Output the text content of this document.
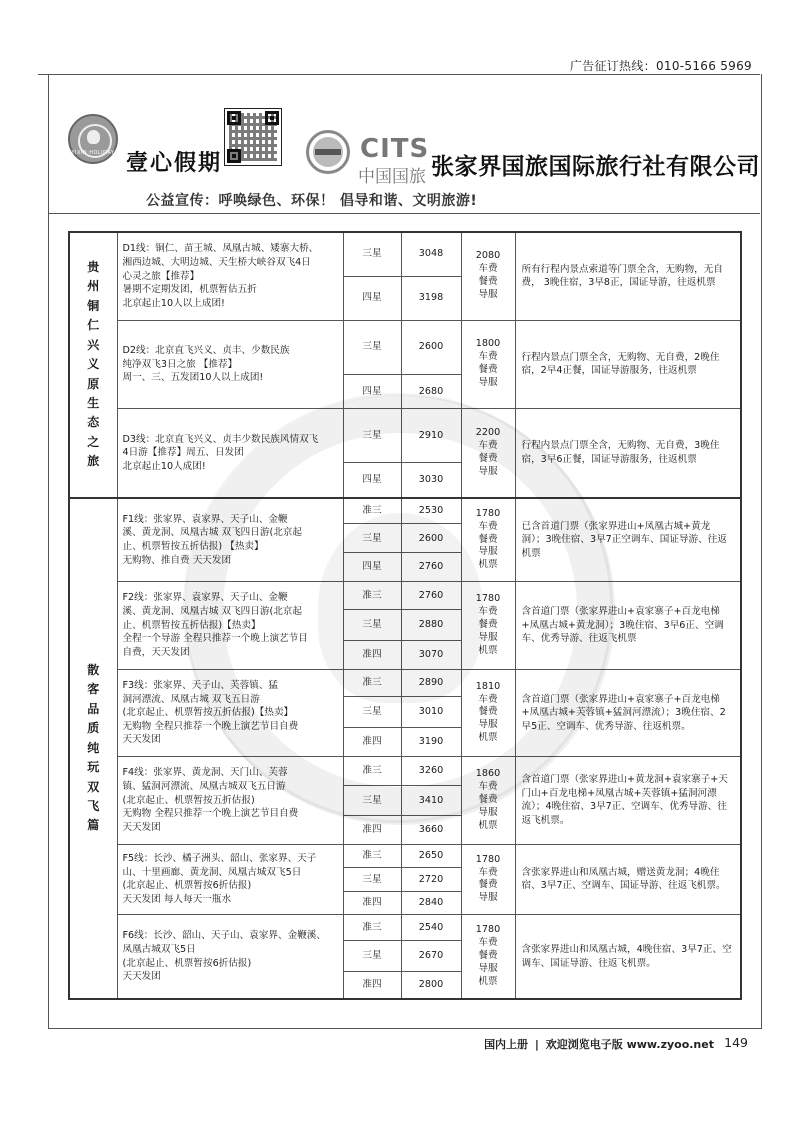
广告征订热线：010-5166 5969
YIXIN HOLIDAY 壹心假期	CITS
中国国旅 张家界国旅国际旅行社有限公司
公益宣传：呼唤绿色、环保！ 倡导和谐、文明旅游!
贵州铜仁兴义原生态之旅	D1线：铜仁、苗王城、凤凰古城、矮寨大桥、
湘西边城、大明边城、天生桥大峡谷双飞4日
心灵之旅【推荐】
暑期不定期发团，机票暂估五折
北京起止10人以上成团!	三星	3048	2080
车费
餐费
导服	所有行程内景点索道等门票全含，无购物，无自费， 3晚住宿，3早8正，国证导游，往返机票
		四星	3198		

	D2线：北京直飞兴义、贞丰、少数民族
纯净双飞3日之旅 【推荐】
周一、三、五发团10人以上成团!	三星	2600	1800
车费
餐费
导服	行程内景点门票全含，无购物、无自费，2晚住宿，2早4正餐，国证导游服务，往返机票
		四星	2680		

	D3线：北京直飞兴义、贞丰少数民族风情双飞
4日游【推荐】周五、日发团
北京起止10人成团!	三星	2910	2200
车费
餐费
导服	行程内景点门票全含，无购物、无自费，3晚住宿，3早6正餐，国证导游服务，往返机票
		四星	3030		

散客品质纯玩双飞篇	F1线：张家界、袁家界、天子山、金鞭
溪、黄龙洞、凤凰古城 双飞四日游(北京起
止、机票暂按五折估报) 【热卖】
无购物、推自费 天天发团	准三	2530	1780
车费
餐费
导服
机票	已含首道门票（张家界进山+凤凰古城+黄龙洞）；3晚住宿、3早7正空调车、国证导游、往返机票
		三星	2600		
		四星	2760		

	F2线：张家界、袁家界、天子山、金鞭
溪、黄龙洞、凤凰古城 双飞四日游(北京起
止、机票暂按五折估报)【热卖】
全程一个导游 全程只推荐一个晚上演艺节目
自费，天天发团	准三	2760	1780
车费
餐费
导服
机票	含首道门票（张家界进山+袁家寨子+百龙电梯+凤凰古城+黄龙洞）；3晚住宿、3早6正、空调车、优秀导游、往返飞机票
		三星	2880		
		准四	3070		

	F3线：张家界、天子山、芙蓉镇、猛
洞河漂流、凤凰古城 双飞五日游
(北京起止、机票暂按五折估报)【热卖】
无购物 全程只推荐一个晚上演艺节目自费
天天发团	准三	2890	1810
车费
餐费
导服
机票	含首道门票（张家界进山+袁家寨子+百龙电梯+凤凰古城+芙蓉镇+猛洞河漂流）；3晚住宿、2早5正、空调车、优秀导游、往返机票。
		三星	3010		
		准四	3190		

	F4线：张家界、黄龙洞、天门山、芙蓉
镇、猛洞河漂流、凤凰古城双飞五日游
(北京起止、机票暂按五折估报)
无购物 全程只推荐一个晚上演艺节目自费
天天发团	准三	3260	1860
车费
餐费
导服
机票	含首道门票（张家界进山+黄龙洞+袁家寨子+天门山+百龙电梯+凤凰古城+芙蓉镇+猛洞河漂流）；4晚住宿、3早7正、空调车、优秀导游、往返飞机票。
		三星	3410		
		准四	3660		

	F5线：长沙、橘子洲头、韶山、张家界、天子
山、十里画廊、黄龙洞、凤凰古城双飞5日
(北京起止、机票暂按6折估报)
天天发团 每人每天一瓶水	准三	2650	1780
车费
餐费
导服	含张家界进山和凤凰古城，赠送黄龙洞；4晚住宿、3早7正、空调车、国证导游、往返飞机票。
		三星	2720		
		准四	2840		

	F6线：长沙、韶山、天子山、袁家界、金鞭溪、
凤凰古城双飞5日
(北京起止、机票暂按6折估报)
天天发团	准三	2540	1780
车费
餐费
导服
机票	含张家界进山和凤凰古城，4晚住宿、3早7正、空调车、国证导游、往返飞机票。
		三星	2670		
		准四	2800		
国内上册 | 欢迎浏览电子版 www.zyoo.net 149
